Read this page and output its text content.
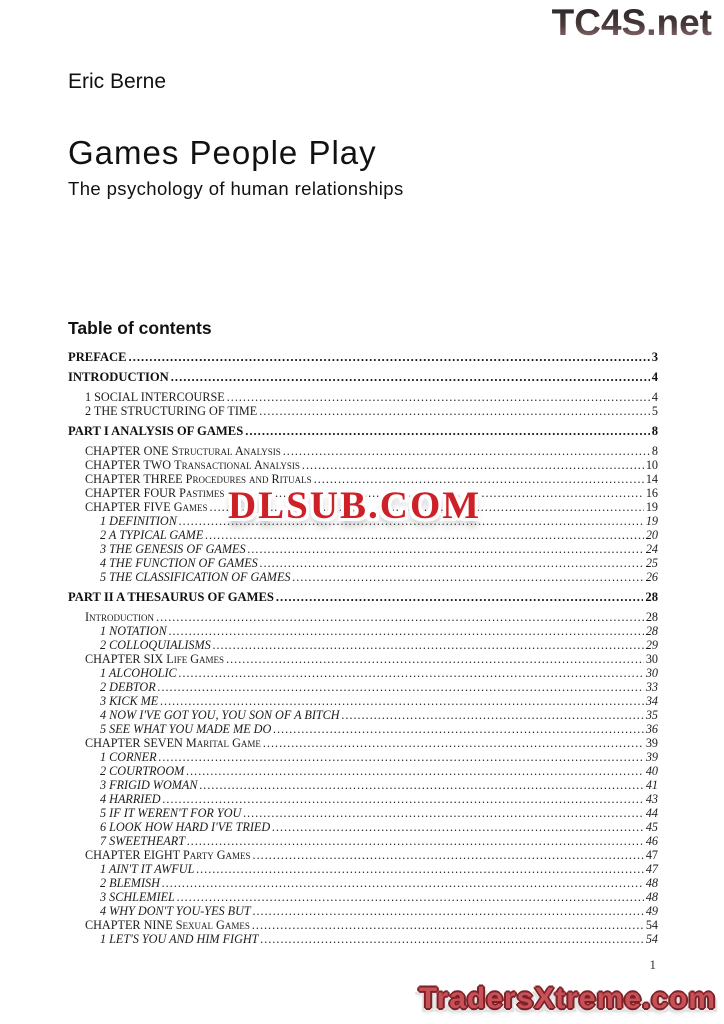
TC4S.net
Eric Berne
Games People Play
The psychology of human relationships
Table of contents
PREFACE .....	3
INTRODUCTION .....	4
1 SOCIAL INTERCOURSE .....	4
2 THE STRUCTURING OF TIME .....	5
PART I ANALYSIS OF GAMES .....	8
CHAPTER ONE Structural Analysis .....	8
CHAPTER TWO Transactional Analysis .....	10
CHAPTER THREE Procedures and Rituals .....	14
CHAPTER FOUR Pastimes .....	16
CHAPTER FIVE Games .....	19
1 DEFINITION .....	19
2 A TYPICAL GAME .....	20
3 THE GENESIS OF GAMES .....	24
4 THE FUNCTION OF GAMES .....	25
5 THE CLASSIFICATION OF GAMES .....	26
PART II A THESAURUS OF GAMES .....	28
Introduction .....	28
1 NOTATION .....	28
2 COLLOQUIALISMS .....	29
CHAPTER SIX Life Games .....	30
1 ALCOHOLIC .....	30
2 DEBTOR .....	33
3 KICK ME .....	34
4 NOW I'VE GOT YOU, YOU SON OF A BITCH .....	35
5 SEE WHAT YOU MADE ME DO .....	36
CHAPTER SEVEN Marital Game .....	39
1 CORNER .....	39
2 COURTROOM .....	40
3 FRIGID WOMAN .....	41
4 HARRIED .....	43
5 IF IT WEREN'T FOR YOU .....	44
6 LOOK HOW HARD I'VE TRIED .....	45
7 SWEETHEART .....	46
CHAPTER EIGHT Party Games .....	47
1 AIN'T IT AWFUL .....	47
2 BLEMISH .....	48
3 SCHLEMIEL .....	48
4 WHY DON'T YOU-YES BUT .....	49
CHAPTER NINE Sexual Games .....	54
1 LET'S YOU AND HIM FIGHT .....	54
DLSUB.COM
1
TradersXtreme.com
